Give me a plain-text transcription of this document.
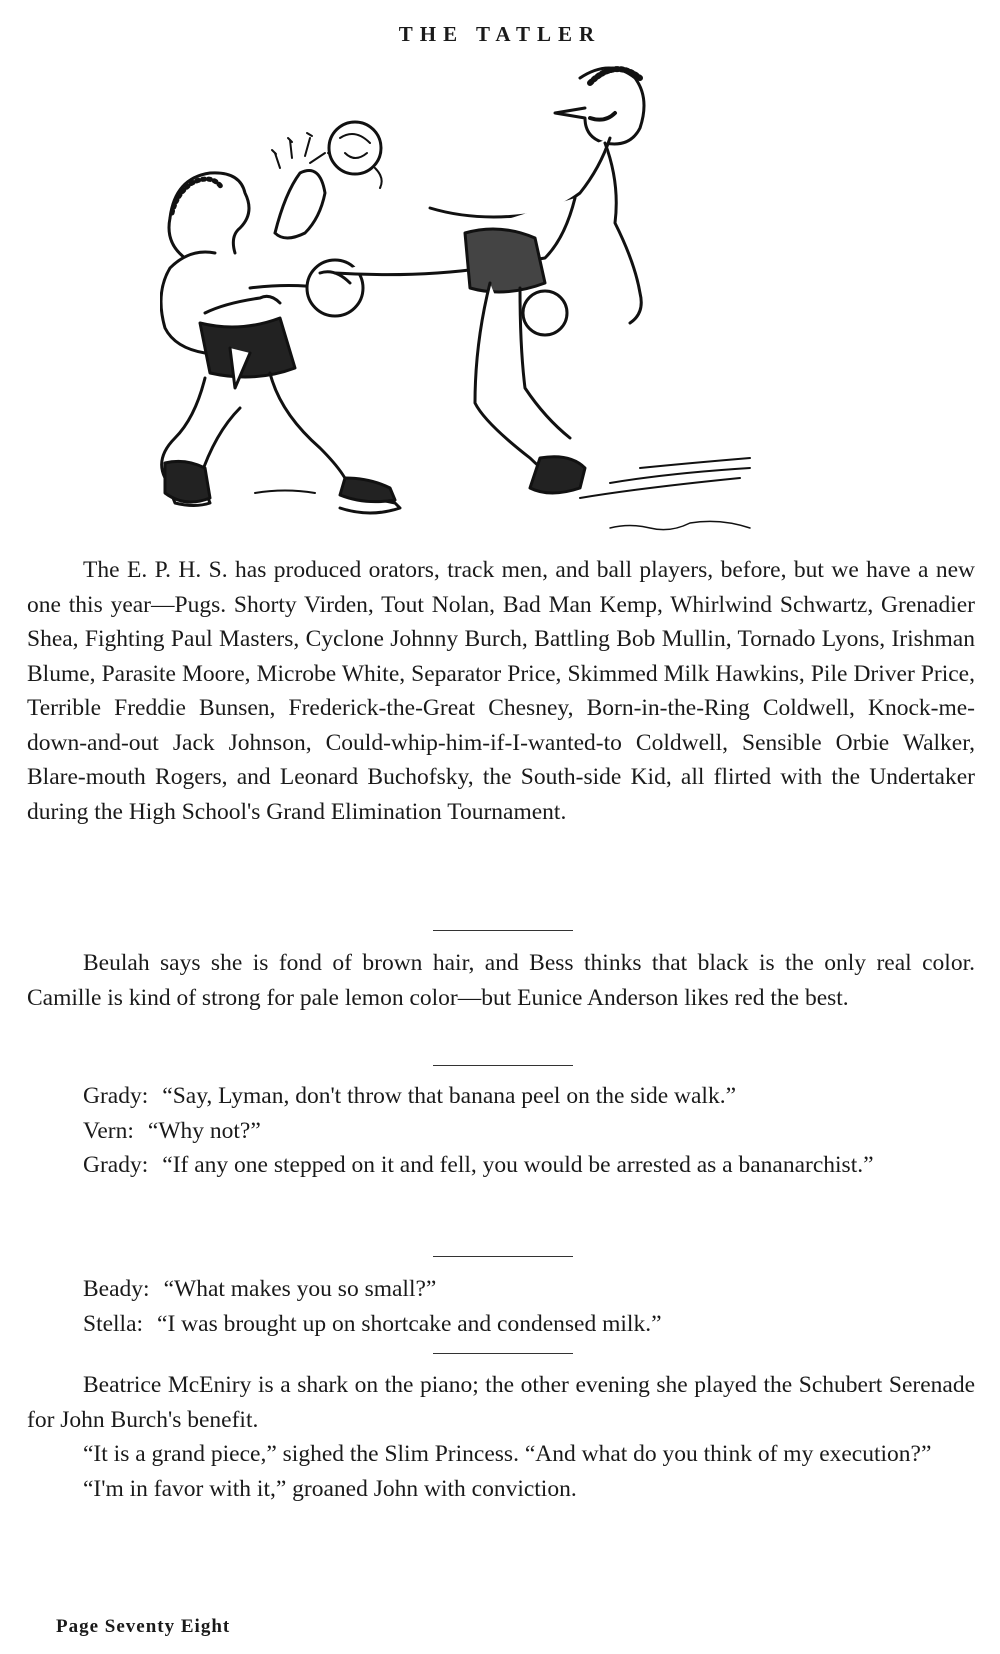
THE TATLER

The E. P. H. S. has produced orators, track men, and ball players, before, but we have a new one this year—Pugs. Shorty Virden, Tout Nolan, Bad Man Kemp, Whirlwind Schwartz, Grenadier Shea, Fighting Paul Masters, Cyclone Johnny Burch, Battling Bob Mullin, Tornado Lyons, Irishman Blume, Parasite Moore, Microbe White, Separator Price, Skimmed Milk Hawkins, Pile Driver Price, Terrible Freddie Bunsen, Frederick-the-Great Chesney, Born-in-the-Ring Coldwell, Knock-me-down-and-out Jack Johnson, Could-whip-him-if-I-wanted-to Coldwell, Sensible Orbie Walker, Blare-mouth Rogers, and Leonard Buchofsky, the South-side Kid, all flirted with the Undertaker during the High School's Grand Elimination Tournament.

Beulah says she is fond of brown hair, and Bess thinks that black is the only real color. Camille is kind of strong for pale lemon color—but Eunice Anderson likes red the best.

Grady: “Say, Lyman, don't throw that banana peel on the side walk.”

Vern: “Why not?”

Grady: “If any one stepped on it and fell, you would be arrested as a bananarchist.”

Beady: “What makes you so small?”

Stella: “I was brought up on shortcake and condensed milk.”

Beatrice McEniry is a shark on the piano; the other evening she played the Schubert Serenade for John Burch's benefit.

“It is a grand piece,” sighed the Slim Princess. “And what do you think of my execution?”

“I'm in favor with it,” groaned John with conviction.

Page Seventy Eight
